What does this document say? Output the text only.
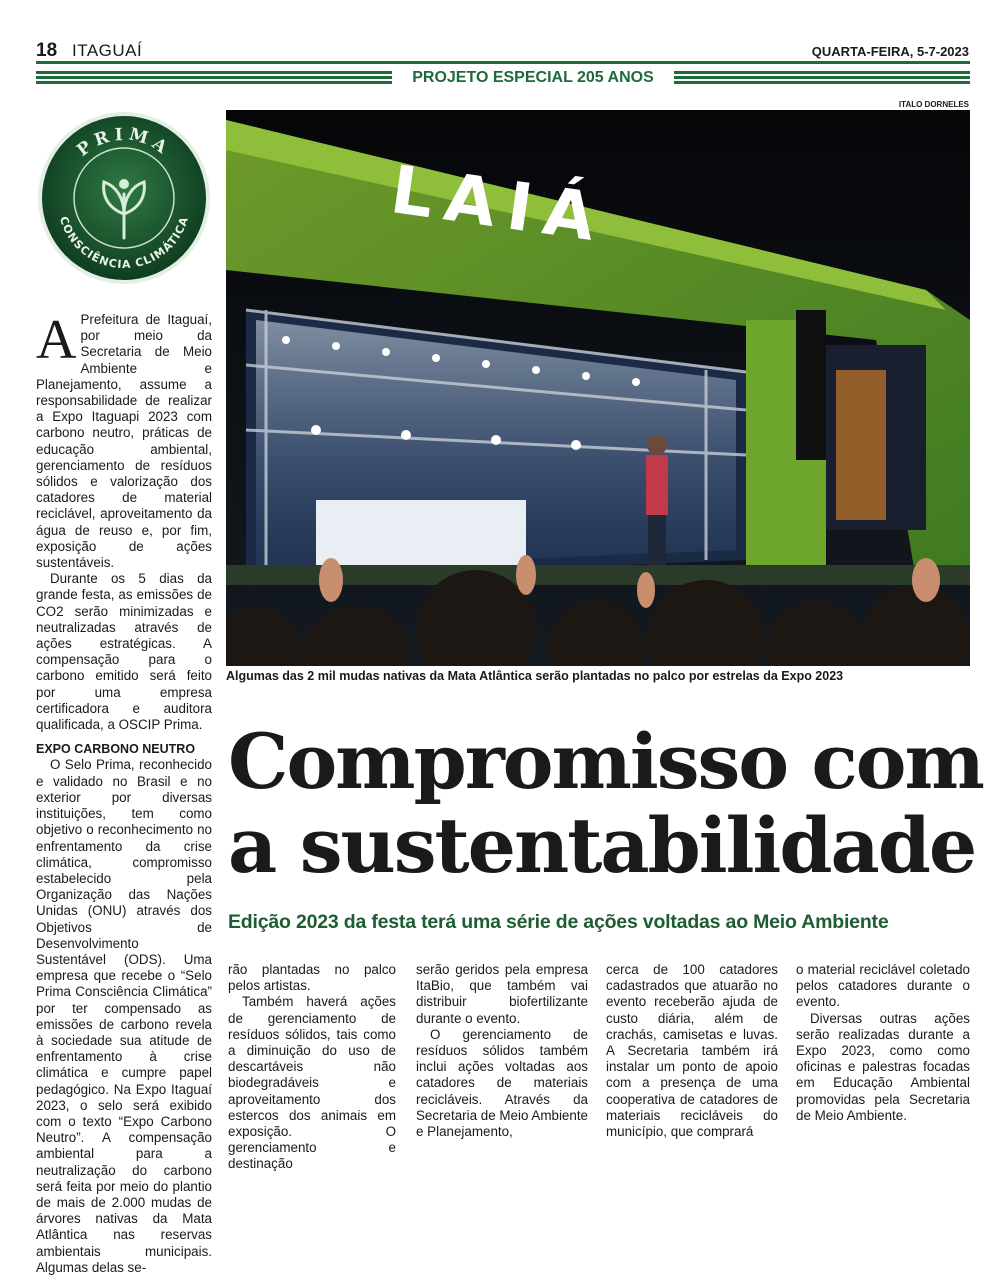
18 ITAGUAÍ	QUARTA-FEIRA, 5-7-2023
PROJETO ESPECIAL 205 ANOS
ITALO DORNELES
PRIMA
CONSCIÊNCIA CLIMÁTICA	LAIÁ
Algumas das 2 mil mudas nativas da Mata Atlântica serão plantadas no palco por estrelas da Expo 2023

A Prefeitura de Itaguaí, por meio da Secretaria de Meio Ambiente e Planejamento, assume a responsabilidade de realizar a Expo Itaguapi 2023 com carbono neutro, práticas de educação ambiental, gerenciamento de resíduos sólidos e valorização dos catadores de material reciclável, aproveitamento da água de reuso e, por fim, exposição de ações sustentáveis.

Durante os 5 dias da grande festa, as emissões de CO2 serão minimizadas e neutralizadas através de ações estratégicas. A compensação para o carbono emitido será feito por uma empresa certificadora e auditora qualificada, a OSCIP Prima.

EXPO CARBONO NEUTRO

O Selo Prima, reconhecido e validado no Brasil e no exterior por diversas instituições, tem como objetivo o reconhecimento no enfrentamento da crise climática, compromisso estabelecido pela Organização das Nações Unidas (ONU) através dos Objetivos de Desenvolvimento Sustentável (ODS). Uma empresa que recebe o “Selo Prima Consciência Climática” por ter compensado as emissões de carbono revela à sociedade sua atitude de enfrentamento à crise climática e cumpre papel pedagógico. Na Expo Itaguaí 2023, o selo será exibido com o texto “Expo Carbono Neutro”. A compensação ambiental para a neutralização do carbono será feita por meio do plantio de mais de 2.000 mudas de árvores nativas da Mata Atlântica nas reservas ambientais municipais. Algumas delas se-

Compromisso com
a sustentabilidade
Edição 2023 da festa terá uma série de ações voltadas ao Meio Ambiente

rão plantadas no palco pelos artistas.

Também haverá ações de gerenciamento de resíduos sólidos, tais como a diminuição do uso de descartáveis não biodegradáveis e aproveitamento dos estercos dos animais em exposição. O gerenciamento e destinação

serão geridos pela empresa ItaBio, que também vai distribuir biofertilizante durante o evento.

O gerenciamento de resíduos sólidos também inclui ações voltadas aos catadores de materiais recicláveis. Através da Secretaria de Meio Ambiente e Planejamento,

cerca de 100 catadores cadastrados que atuarão no evento receberão ajuda de custo diária, além de crachás, camisetas e luvas. A Secretaria também irá instalar um ponto de apoio com a presença de uma cooperativa de catadores de materiais recicláveis do município, que comprará

o material reciclável coletado pelos catadores durante o evento.

Diversas outras ações serão realizadas durante a Expo 2023, como como oficinas e palestras focadas em Educação Ambiental promovidas pela Secretaria de Meio Ambiente.
